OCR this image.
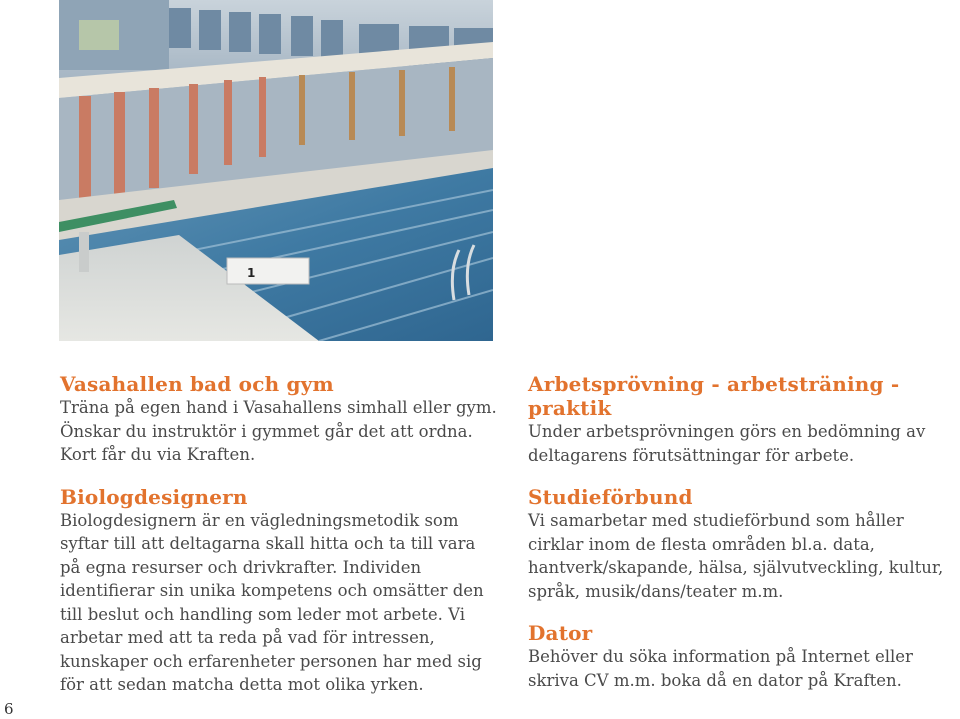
1
Vasahallen bad och gym

Träna på egen hand i Vasahallens simhall eller gym. Önskar du instruktör i gymmet går det att ordna. Kort får du via Kraften.

Biologdesignern

Biologdesignern är en vägledningsmetodik som syftar till att deltagarna skall hitta och ta till vara på egna resurser och drivkrafter. Individen identifierar sin unika kompetens och omsätter den till beslut och handling som leder mot arbete. Vi arbetar med att ta reda på vad för intressen, kunskaper och erfarenheter personen har med sig för att sedan matcha detta mot olika yrken.

Arbetsprövning - arbetsträning - praktik

Under arbetsprövningen görs en bedömning av deltagarens förutsättningar för arbete.

Studieförbund

Vi samarbetar med studieförbund som håller cirklar inom de flesta områden bl.a. data, hantverk/skapande, hälsa, självutveckling, kultur, språk, musik/dans/teater m.m.

Dator

Behöver du söka information på Internet eller skriva CV m.m. boka då en dator på Kraften.

6
